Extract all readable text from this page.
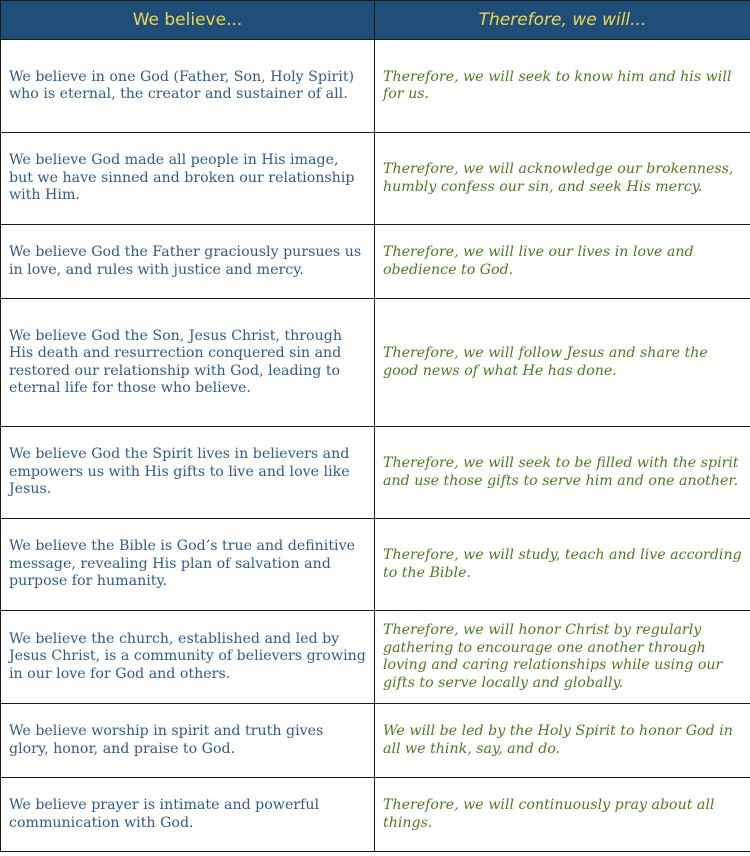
We believe...	Therefore, we will...
We believe in one God (Father, Son, Holy Spirit) who is eternal, the creator and sustainer of all.	Therefore, we will seek to know him and his will for us.
We believe God made all people in His image, but we have sinned and broken our relationship with Him.	Therefore, we will acknowledge our brokenness, humbly confess our sin, and seek His mercy.
We believe God the Father graciously pursues us in love, and rules with justice and mercy.	Therefore, we will live our lives in love and obedience to God.
We believe God the Son, Jesus Christ, through His death and resurrection conquered sin and restored our relationship with God, leading to eternal life for those who believe.	Therefore, we will follow Jesus and share the good news of what He has done.
We believe God the Spirit lives in believers and empowers us with His gifts to live and love like Jesus.	Therefore, we will seek to be filled with the spirit and use those gifts to serve him and one another.
We believe the Bible is God’s true and definitive message, revealing His plan of salvation and purpose for humanity.	Therefore, we will study, teach and live according to the Bible.
We believe the church, established and led by Jesus Christ, is a community of believers growing in our love for God and others.	Therefore, we will honor Christ by regularly gathering to encourage one another through loving and caring relationships while using our gifts to serve locally and globally.
We believe worship in spirit and truth gives glory, honor, and praise to God.	We will be led by the Holy Spirit to honor God in all we think, say, and do.
We believe prayer is intimate and powerful communication with God.	Therefore, we will continuously pray about all things.
